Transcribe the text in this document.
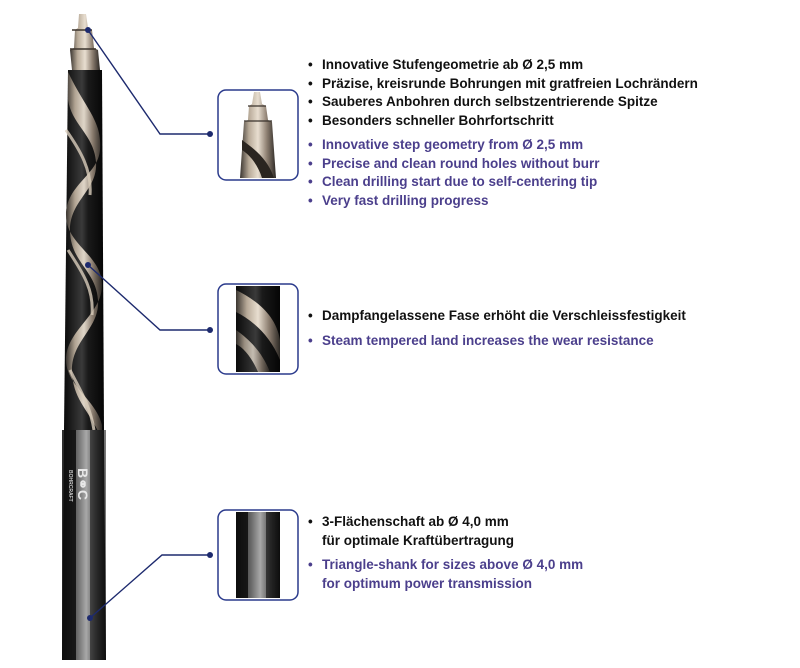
B⚭C
BOHRCRAFT
• Innovative Stufengeometrie ab Ø 2,5 mm
• Präzise, kreisrunde Bohrungen mit gratfreien Lochrändern
• Sauberes Anbohren durch selbstzentrierende Spitze
• Besonders schneller Bohrfortschritt
• Innovative step geometry from Ø 2,5 mm
• Precise and clean round holes without burr
• Clean drilling start due to self-centering tip
• Very fast drilling progress
• Dampfangelassene Fase erhöht die Verschleissfestigkeit
• Steam tempered land increases the wear resistance
• 3-Flächenschaft ab Ø 4,0 mm
für optimale Kraftübertragung
• Triangle-shank for sizes above Ø 4,0 mm
for optimum power transmission
